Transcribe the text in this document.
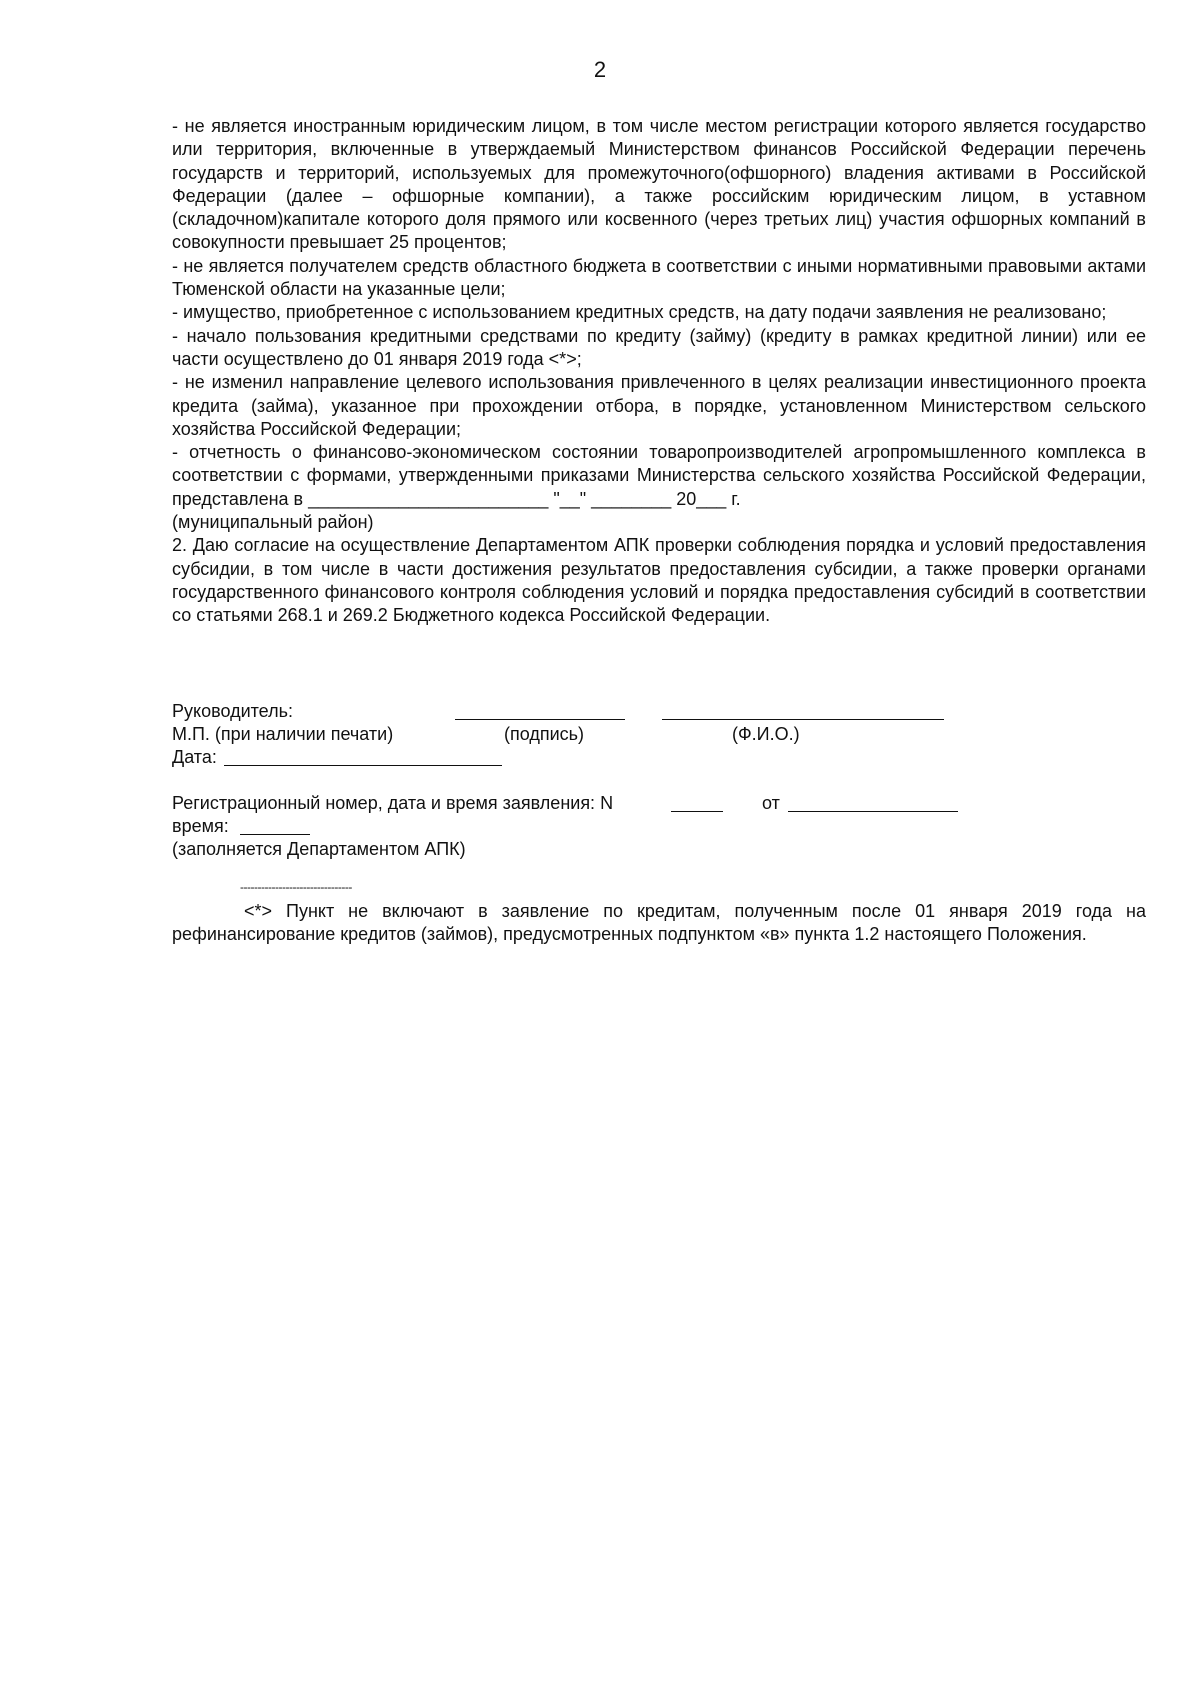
2

- не является иностранным юридическим лицом, в том числе местом регистрации которого является государство или территория, включенные в утверждаемый Министерством финансов Российской Федерации перечень государств и территорий, используемых для промежуточного(офшорного) владения активами в Российской Федерации (далее – офшорные компании), а также российским юридическим лицом, в уставном (складочном)капитале которого доля прямого или косвенного (через третьих лиц) участия офшорных компаний в совокупности превышает 25 процентов;

- не является получателем средств областного бюджета в соответствии с иными нормативными правовыми актами Тюменской области на указанные цели;

- имущество, приобретенное с использованием кредитных средств, на дату подачи заявления не реализовано;

- начало пользования кредитными средствами по кредиту (займу) (кредиту в рамках кредитной линии) или ее части осуществлено до 01 января 2019 года <*>;

- не изменил направление целевого использования привлеченного в целях реализации инвестиционного проекта кредита (займа), указанное при прохождении отбора, в порядке, установленном Министерством сельского хозяйства Российской Федерации;

- отчетность о финансово-экономическом состоянии товаропроизводителей агропромышленного комплекса в соответствии с формами, утвержденными приказами Министерства сельского хозяйства Российской Федерации, представлена в ________________________ "__" ________ 20___ г.

(муниципальный район)

2. Даю согласие на осуществление Департаментом АПК проверки соблюдения порядка и условий предоставления субсидии, в том числе в части достижения результатов предоставления субсидии, а также проверки органами государственного финансового контроля соблюдения условий и порядка предоставления субсидий в соответствии со статьями 268.1 и 269.2 Бюджетного кодекса Российской Федерации.

Руководитель:
М.П. (при наличии печати)	(подпись)	(Ф.И.О.)
Дата:
Регистрационный номер, дата и время заявления: N	от
время:
(заполняется Департаментом АПК)
--------------------------------

<*> Пункт не включают в заявление по кредитам, полученным после 01 января 2019 года на рефинансирование кредитов (займов), предусмотренных подпунктом «в» пункта 1.2 настоящего Положения.
